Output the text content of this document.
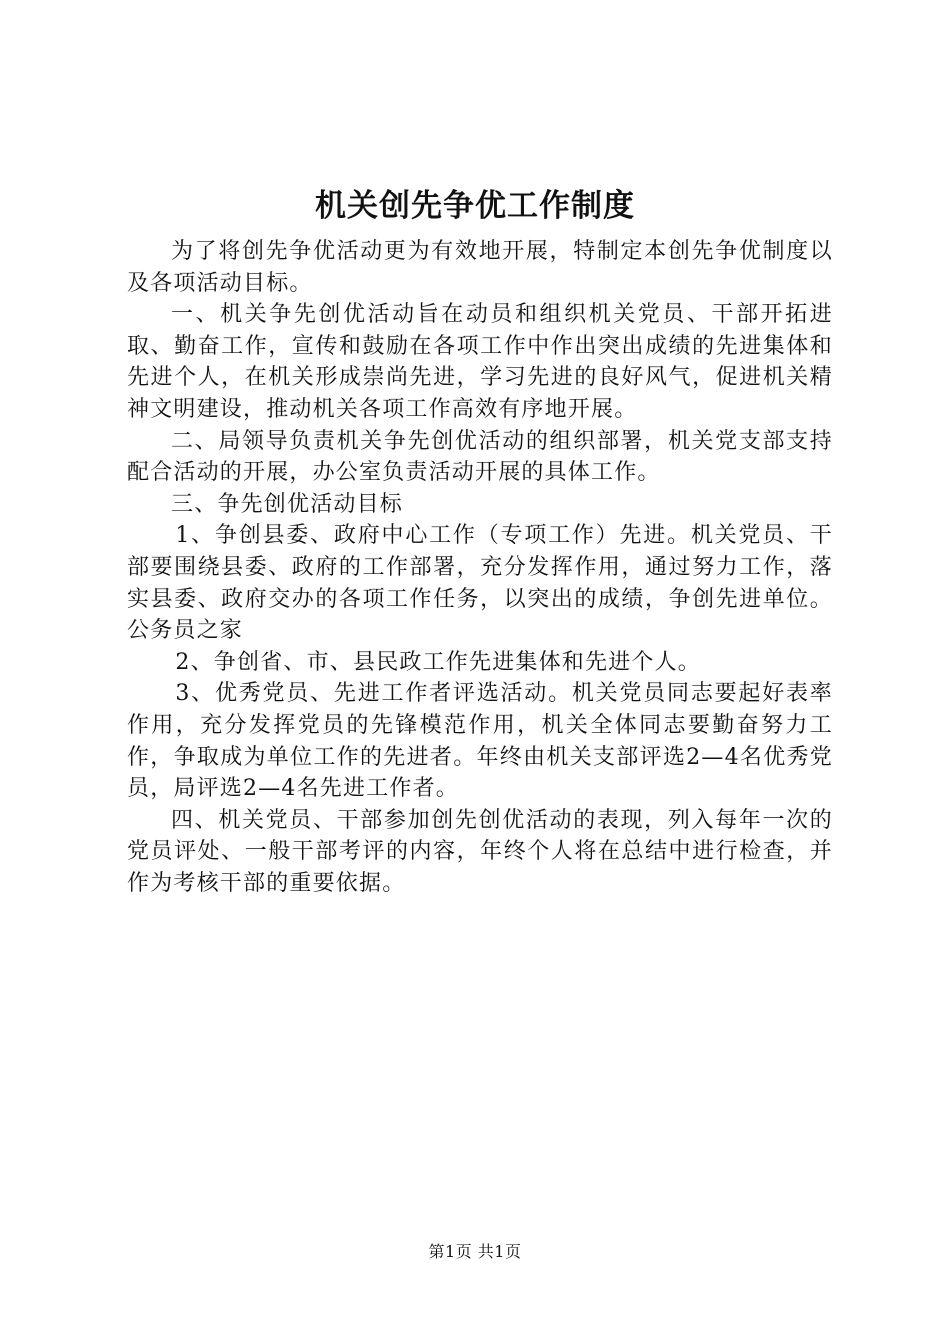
机关创先争优工作制度

为了将创先争优活动更为有效地开展，特制定本创先争优制度以及各项活动目标。

一、机关争先创优活动旨在动员和组织机关党员、干部开拓进取、勤奋工作，宣传和鼓励在各项工作中作出突出成绩的先进集体和先进个人，在机关形成崇尚先进，学习先进的良好风气，促进机关精神文明建设，推动机关各项工作高效有序地开展。

二、局领导负责机关争先创优活动的组织部署，机关党支部支持配合活动的开展，办公室负责活动开展的具体工作。

三、争先创优活动目标

1、争创县委、政府中心工作（专项工作）先进。机关党员、干部要围绕县委、政府的工作部署，充分发挥作用，通过努力工作，落实县委、政府交办的各项工作任务，以突出的成绩，争创先进单位。公务员之家

2、争创省、市、县民政工作先进集体和先进个人。

3、优秀党员、先进工作者评选活动。机关党员同志要起好表率作用，充分发挥党员的先锋模范作用，机关全体同志要勤奋努力工作，争取成为单位工作的先进者。年终由机关支部评选2—4名优秀党员，局评选2—4名先进工作者。

四、机关党员、干部参加创先创优活动的表现，列入每年一次的党员评处、一般干部考评的内容，年终个人将在总结中进行检查，并作为考核干部的重要依据。

第1页 共1页
